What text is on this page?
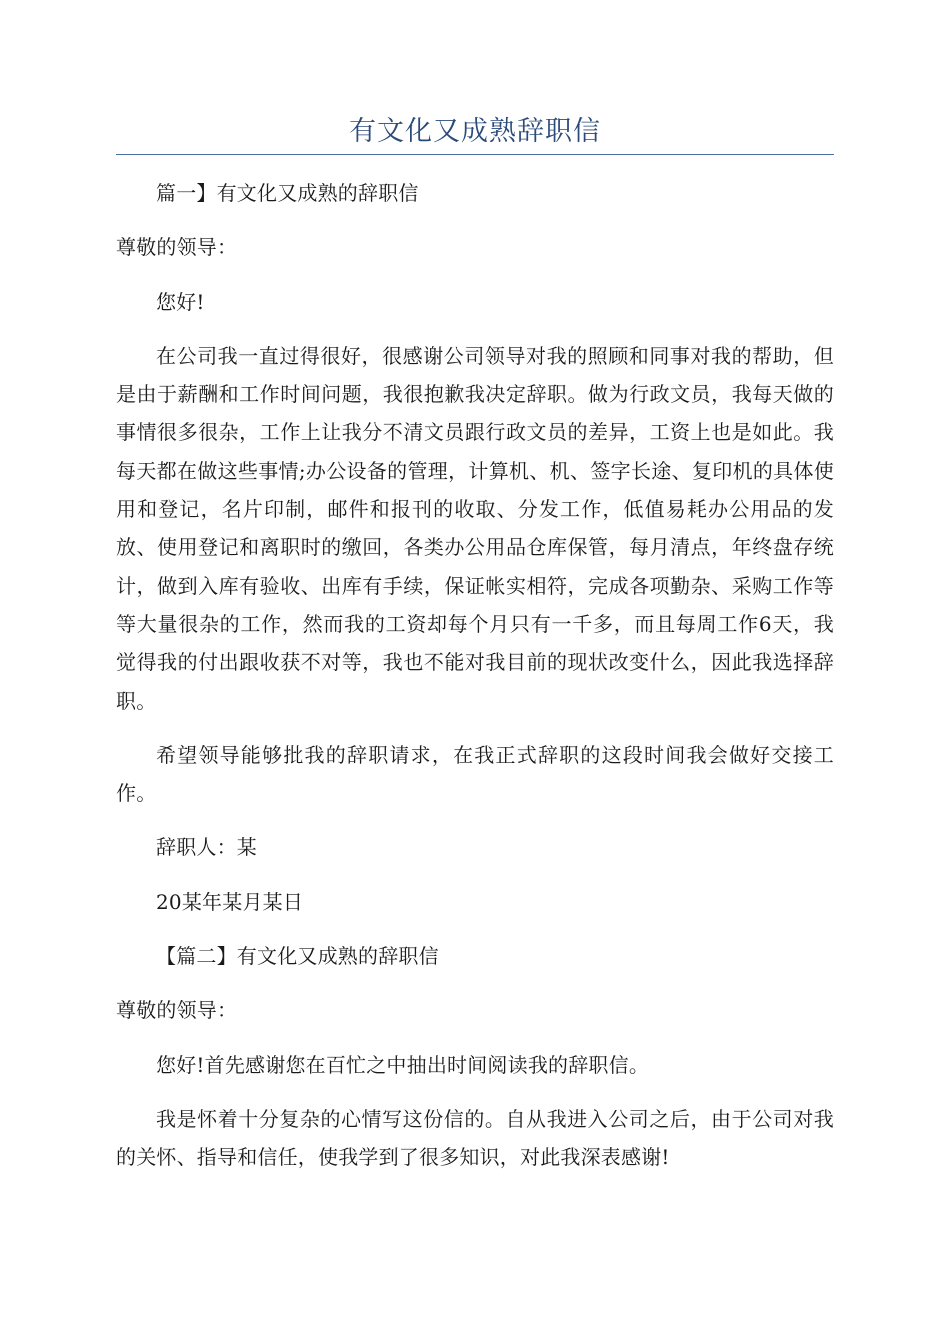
有文化又成熟辞职信

篇一】有文化又成熟的辞职信

尊敬的领导：

您好!

在公司我一直过得很好，很感谢公司领导对我的照顾和同事对我的帮助，但是由于薪酬和工作时间问题，我很抱歉我决定辞职。做为行政文员，我每天做的事情很多很杂，工作上让我分不清文员跟行政文员的差异，工资上也是如此。我每天都在做这些事情;办公设备的管理，计算机、机、签字长途、复印机的具体使用和登记，名片印制，邮件和报刊的收取、分发工作，低值易耗办公用品的发放、使用登记和离职时的缴回，各类办公用品仓库保管，每月清点，年终盘存统计，做到入库有验收、出库有手续，保证帐实相符，完成各项勤杂、采购工作等等大量很杂的工作，然而我的工资却每个月只有一千多，而且每周工作6天，我觉得我的付出跟收获不对等，我也不能对我目前的现状改变什么，因此我选择辞职。

希望领导能够批我的辞职请求，在我正式辞职的这段时间我会做好交接工作。

辞职人：某

20某年某月某日

【篇二】有文化又成熟的辞职信

尊敬的领导：

您好!首先感谢您在百忙之中抽出时间阅读我的辞职信。

我是怀着十分复杂的心情写这份信的。自从我进入公司之后，由于公司对我的关怀、指导和信任，使我学到了很多知识，对此我深表感谢!
